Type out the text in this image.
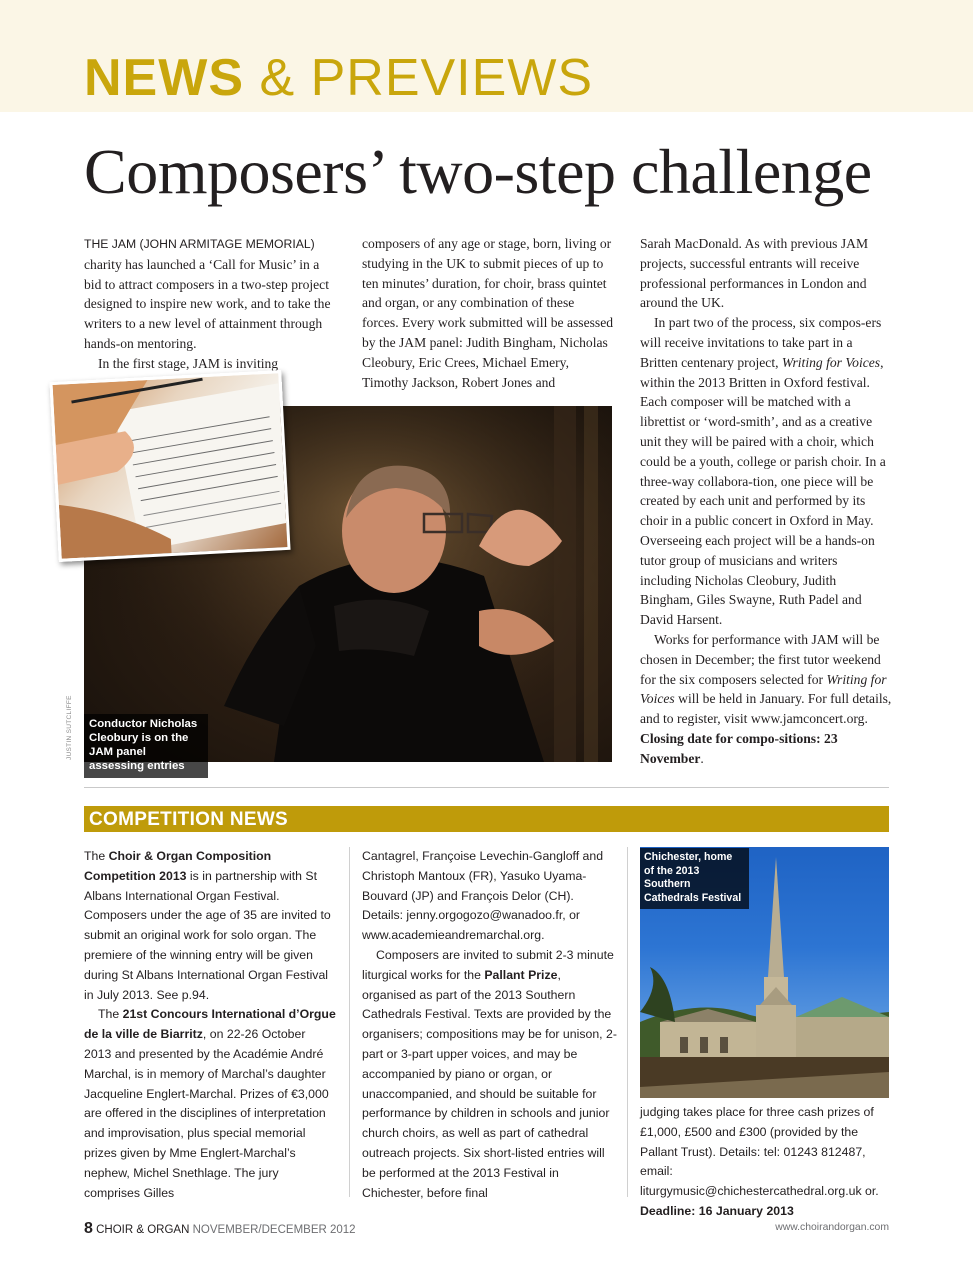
NEWS & PREVIEWS
Composers’ two-step challenge

THE JAM (JOHN ARMITAGE MEMORIAL) charity has launched a ‘Call for Music’ in a bid to attract composers in a two-step project designed to inspire new work, and to take the writers to a new level of attainment through hands-on mentoring.

In the first stage, JAM is inviting

composers of any age or stage, born, living or studying in the UK to submit pieces of up to ten minutes’ duration, for choir, brass quintet and organ, or any combination of these forces. Every work submitted will be assessed by the JAM panel: Judith Bingham, Nicholas Cleobury, Eric Crees, Michael Emery, Timothy Jackson, Robert Jones and

Sarah MacDonald. As with previous JAM projects, successful entrants will receive professional performances in London and around the UK.

In part two of the process, six compos-ers will receive invitations to take part in a Britten centenary project, Writing for Voices, within the 2013 Britten in Oxford festival. Each composer will be matched with a librettist or ‘word-smith’, and as a creative unit they will be paired with a choir, which could be a youth, college or parish choir. In a three-way collabora-tion, one piece will be created by each unit and performed by its choir in a public concert in Oxford in May. Overseeing each project will be a hands-on tutor group of musicians and writers including Nicholas Cleobury, Judith Bingham, Giles Swayne, Ruth Padel and David Harsent.

Works for performance with JAM will be chosen in December; the first tutor weekend for the six composers selected for Writing for Voices will be held in January. For full details, and to register, visit www.jamconcert.org. Closing date for compo-sitions: 23 November.

Conductor Nicholas Cleobury is on the JAM panel assessing entries

JUSTIN SUTCLIFFE

COMPETITION NEWS

The Choir & Organ Composition Competition 2013 is in partnership with St Albans International Organ Festival. Composers under the age of 35 are invited to submit an original work for solo organ. The premiere of the winning entry will be given during St Albans International Organ Festival in July 2013. See p.94.

The 21st Concours International d’Orgue de la ville de Biarritz, on 22-26 October 2013 and presented by the Académie André Marchal, is in memory of Marchal’s daughter Jacqueline Englert-Marchal. Prizes of €3,000 are offered in the disciplines of interpretation and improvisation, plus special memorial prizes given by Mme Englert-Marchal’s nephew, Michel Snethlage. The jury comprises Gilles

Cantagrel, Françoise Levechin-Gangloff and Christoph Mantoux (FR), Yasuko Uyama-Bouvard (JP) and François Delor (CH). Details: jenny.orgogozo@wanadoo.fr, or www.academieandremarchal.org.

Composers are invited to submit 2-3 minute liturgical works for the Pallant Prize, organised as part of the 2013 Southern Cathedrals Festival. Texts are provided by the organisers; compositions may be for unison, 2-part or 3-part upper voices, and may be accompanied by piano or organ, or unaccompanied, and should be suitable for performance by children in schools and junior church choirs, as well as part of cathedral outreach projects. Six short-listed entries will be performed at the 2013 Festival in Chichester, before final

Chichester, home of the 2013 Southern Cathedrals Festival

judging takes place for three cash prizes of £1,000, £500 and £300 (provided by the Pallant Trust). Details: tel: 01243 812487, email: liturgymusic@chichestercathedral.org.uk or. Deadline: 16 January 2013

8 CHOIR & ORGAN NOVEMBER/DECEMBER 2012	www.choirandorgan.com
